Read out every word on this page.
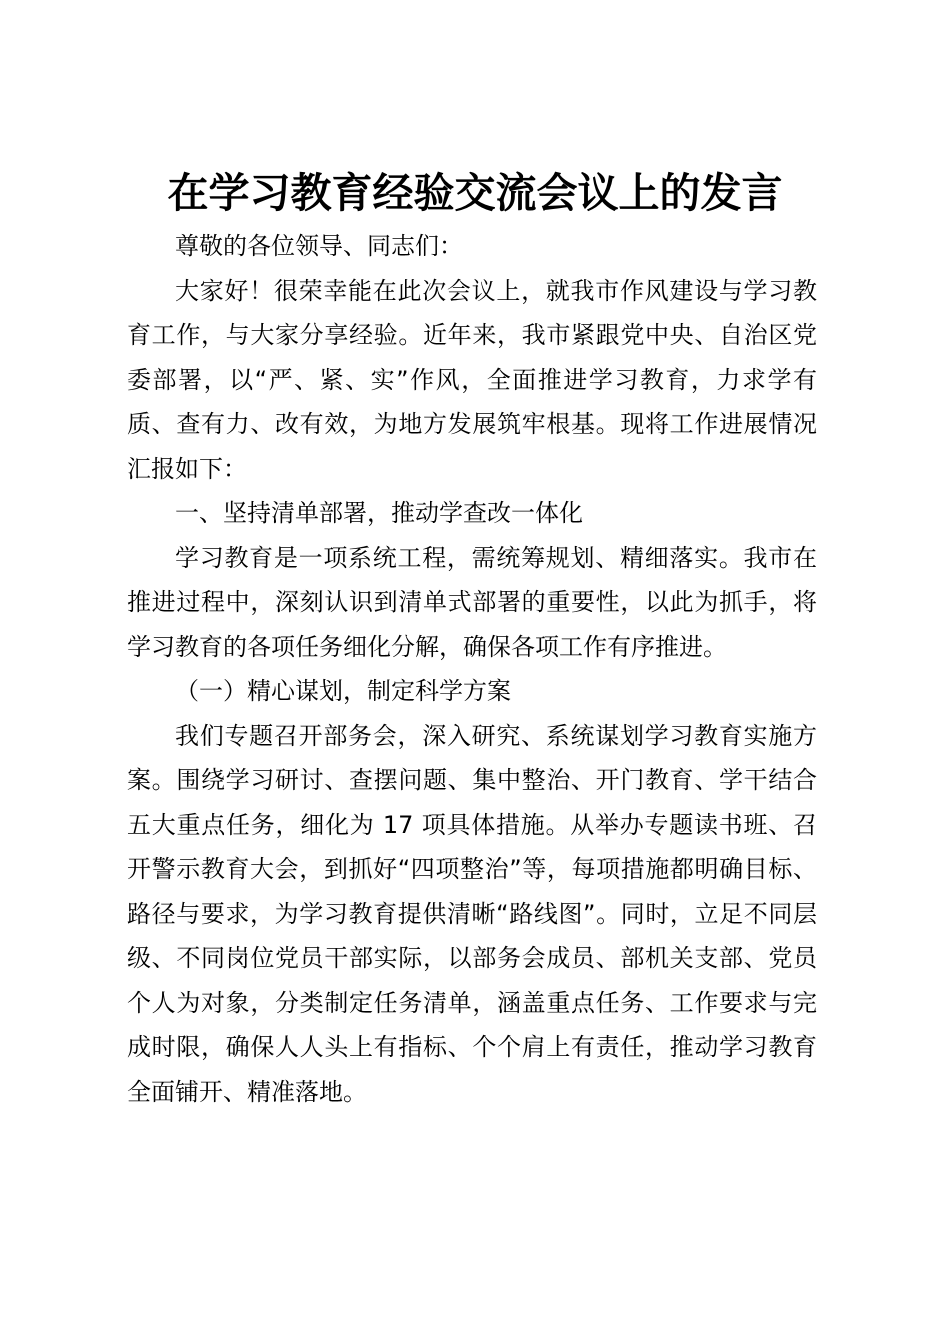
在学习教育经验交流会议上的发言

尊敬的各位领导、同志们：

大家好！很荣幸能在此次会议上，就我市作风建设与学习教育工作，与大家分享经验。近年来，我市紧跟党中央、自治区党委部署，以“严、紧、实”作风，全面推进学习教育，力求学有质、查有力、改有效，为地方发展筑牢根基。现将工作进展情况汇报如下：

一、坚持清单部署，推动学查改一体化

学习教育是一项系统工程，需统筹规划、精细落实。我市在推进过程中，深刻认识到清单式部署的重要性，以此为抓手，将学习教育的各项任务细化分解，确保各项工作有序推进。

（一）精心谋划，制定科学方案

我们专题召开部务会，深入研究、系统谋划学习教育实施方案。围绕学习研讨、查摆问题、集中整治、开门教育、学干结合五大重点任务，细化为 17 项具体措施。从举办专题读书班、召开警示教育大会，到抓好“四项整治”等，每项措施都明确目标、路径与要求，为学习教育提供清晰“路线图”。同时，立足不同层级、不同岗位党员干部实际，以部务会成员、部机关支部、党员个人为对象，分类制定任务清单，涵盖重点任务、工作要求与完成时限，确保人人头上有指标、个个肩上有责任，推动学习教育全面铺开、精准落地。
